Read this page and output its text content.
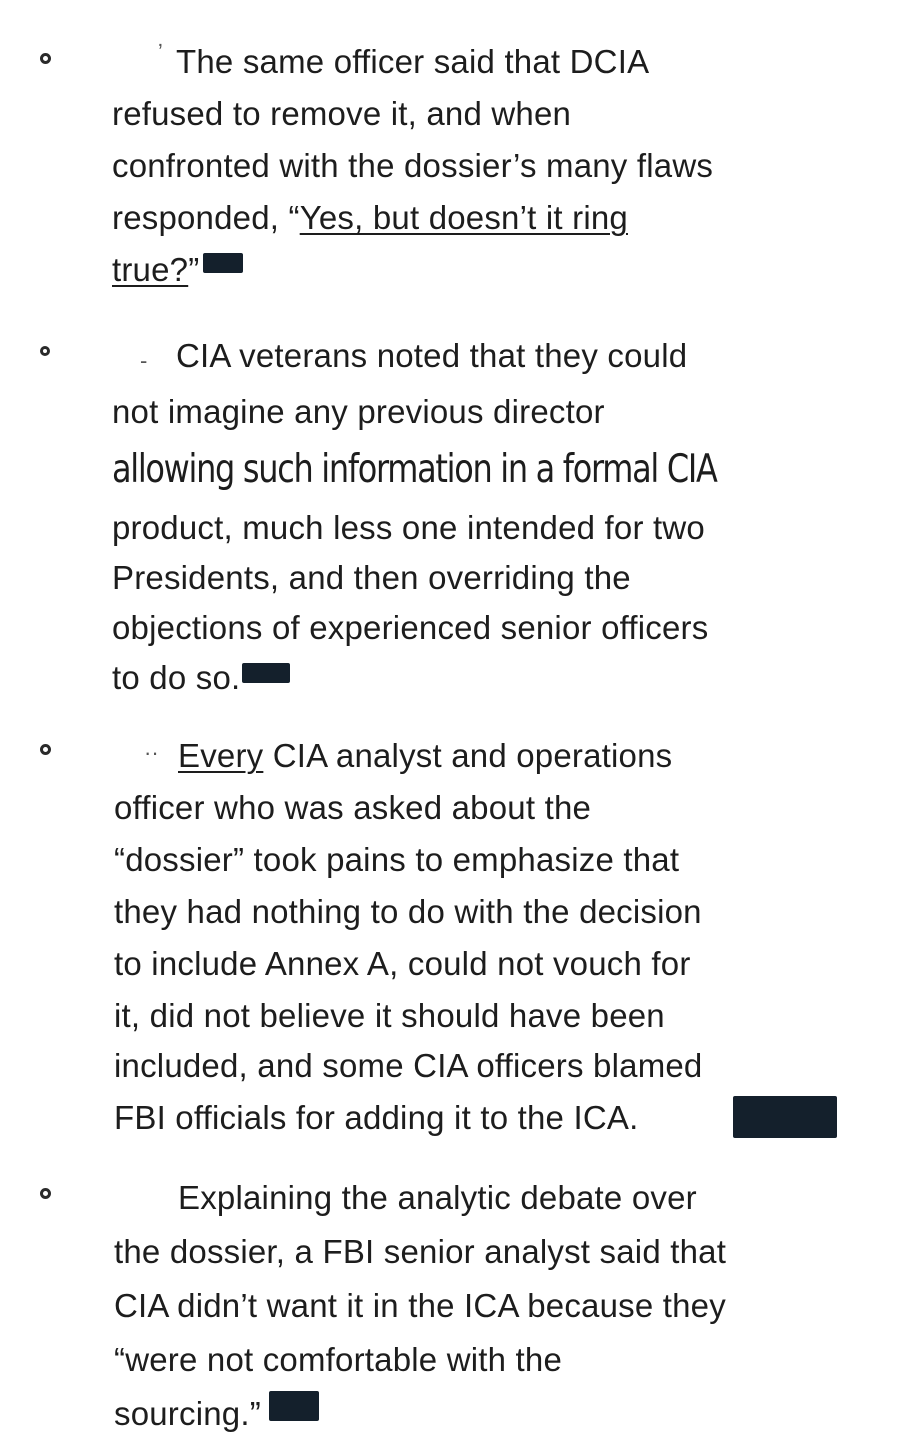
ʼ The same officer said that DCIA
refused to remove it, and when
confronted with the dossier’s many flaws
responded, “Yes, but doesn’t it ring
true?”
- CIA veterans noted that they could
not imagine any previous director
allowing such information in a formal CIA
product, much less one intended for two
Presidents, and then overriding the
objections of experienced senior officers
to do so.
·· Every CIA analyst and operations
officer who was asked about the
“dossier” took pains to emphasize that
they had nothing to do with the decision
to include Annex A, could not vouch for
it, did not believe it should have been
included, and some CIA officers blamed
FBI officials for adding it to the ICA.
Explaining the analytic debate over
the dossier, a FBI senior analyst said that
CIA didn’t want it in the ICA because they
“were not comfortable with the
sourcing.”
